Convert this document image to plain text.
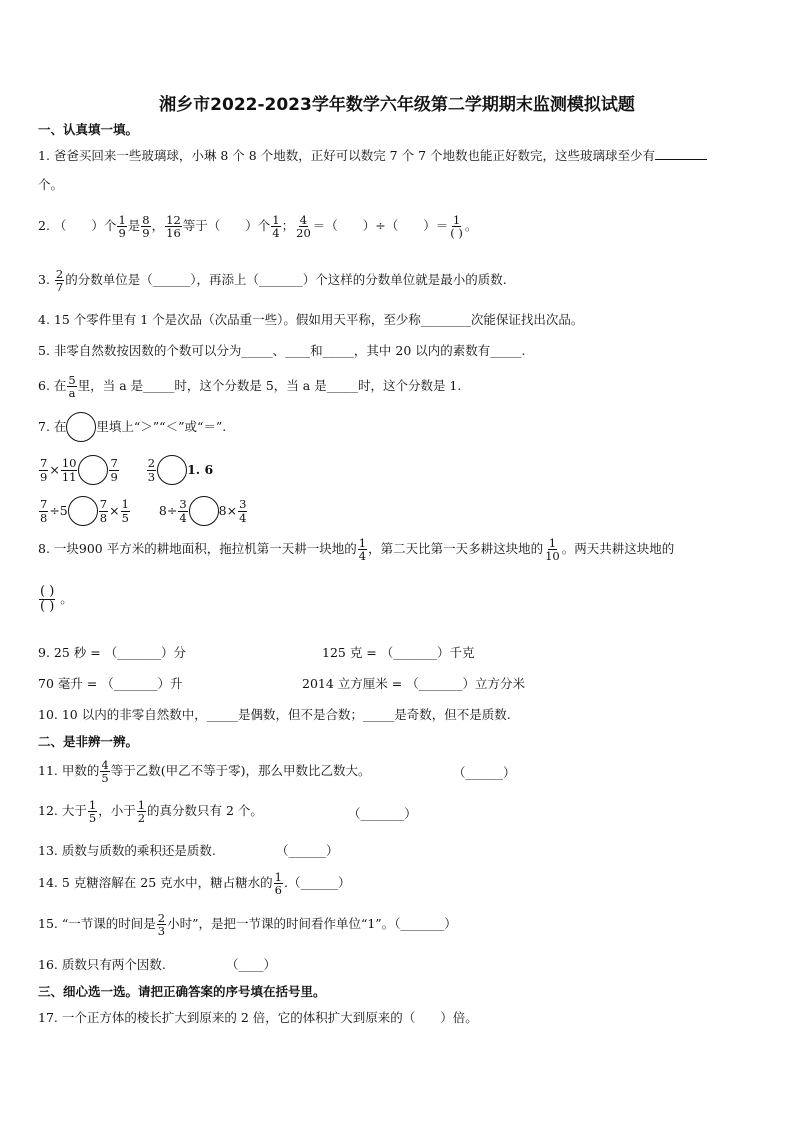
湘乡市2022-2023学年数学六年级第二学期期末监测模拟试题
一、认真填一填。
1. 爸爸买回来一些玻璃球，小琳 8 个 8 个地数，正好可以数完 7 个 7 个地数也能正好数完，这些玻璃球至少有
个。
2.
（　　）个 $\frac{1}{9}$ 是 $\frac{8}{9}$ ， $\frac{12}{16}$ 等于（　　）个 $\frac{1}{4}$ ； $\frac{4}{20}$ ＝（　　）÷（　　）＝ $\frac{1}{( )}$ 。
3.
$\frac{2}{7}$ 的分数单位是（______），再添上（_______）个这样的分数单位就是最小的质数.
4. 15 个零件里有 1 个是次品（次品重一些）。假如用天平称，至少称________次能保证找出次品。
5. 非零自然数按因数的个数可以分为_____、____和_____，其中 20 以内的素数有_____.
6. 在 $\frac{5}{a}$ 里，当 a 是_____时，这个分数是 5，当 a 是_____时，这个分数是 1.
7. 在 里填上“＞”“＜”或“＝”.
$\frac{7}{9} \times \frac{10}{11}$	$\frac{7}{9} \frac{2}{3} 1$. 6
$\frac{7}{8} \div 5$	$\frac{7}{8} \times \frac{1}{5} 8\div \frac{3}{4} 8\times \frac{3}{4}$
8. 一块900 平方米的耕地面积，拖拉机第一天耕一块地的 $\frac{1}{4}$ ，第二天比第一天多耕这块地的 $\frac{1}{10}$ 。两天共耕这块地的
$\frac{( )}{( )}$
。
9. 25 秒 = （_______）分	125 克 = （_______）千克
70 毫升 = （_______）升	2014 立方厘米 = （_______）立方分米
10. 10 以内的非零自然数中，_____是偶数，但不是合数；_____是奇数，但不是质数.
二、是非辨一辨。
11. 甲数的 $\frac{4}{5}$ 等于乙数(甲乙不等于零)，那么甲数比乙数大。	（______）
12. 大于 $\frac{1}{5}$ ，小于 $\frac{1}{2}$ 的真分数只有 2 个。	（_______）
13. 质数与质数的乘积还是质数.	（______）
14. 5 克糖溶解在 25 克水中，糖占糖水的 $\frac{1}{6}$ .（______）
15. “一节课的时间是 $\frac{2}{3}$ 小时”，是把一节课的时间看作单位“1”。（_______）
16. 质数只有两个因数.	（____）
三、细心选一选。请把正确答案的序号填在括号里。
17. 一个正方体的棱长扩大到原来的 2 倍，它的体积扩大到原来的（　　）倍。
